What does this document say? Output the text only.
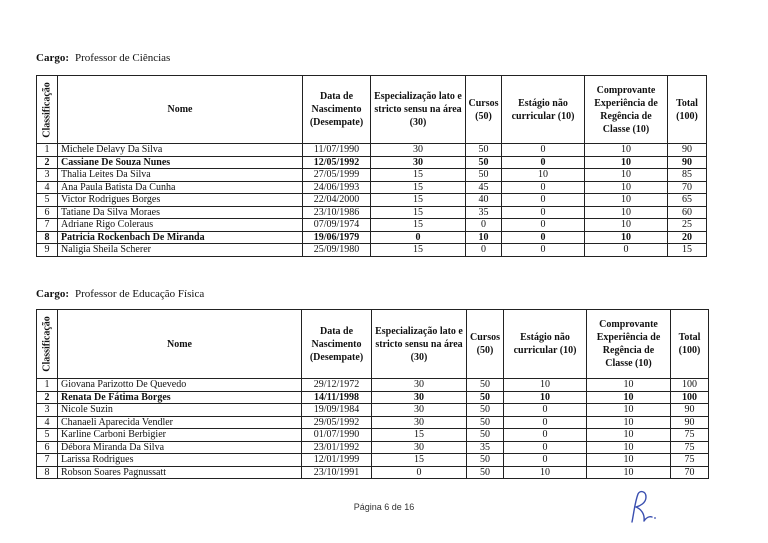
Cargo: Professor de Ciências
Classificação	Nome	Data de Nascimento (Desempate)	Especialização lato e stricto sensu na área (30)	Cursos (50)	Estágio não curricular (10)	Comprovante Experiência de Regência de Classe (10)	Total (100)
1	Michele Delavy Da Silva	11/07/1990	30	50	0	10	90
2	Cassiane De Souza Nunes	12/05/1992	30	50	0	10	90
3	Thalia Leites Da Silva	27/05/1999	15	50	10	10	85
4	Ana Paula Batista Da Cunha	24/06/1993	15	45	0	10	70
5	Victor Rodrigues Borges	22/04/2000	15	40	0	10	65
6	Tatiane Da Silva Moraes	23/10/1986	15	35	0	10	60
7	Adriane Rigo Coleraus	07/09/1974	15	0	0	10	25
8	Patricia Rockenbach De Miranda	19/06/1979	0	10	0	10	20
9	Naligia Sheila Scherer	25/09/1980	15	0	0	0	15
Cargo: Professor de Educação Física
Classificação	Nome	Data de Nascimento (Desempate)	Especialização lato e stricto sensu na área (30)	Cursos (50)	Estágio não curricular (10)	Comprovante Experiência de Regência de Classe (10)	Total (100)
1	Giovana Parizotto De Quevedo	29/12/1972	30	50	10	10	100
2	Renata De Fátima Borges	14/11/1998	30	50	10	10	100
3	Nicole Suzin	19/09/1984	30	50	0	10	90
4	Chanaeli Aparecida Vendler	29/05/1992	30	50	0	10	90
5	Karline Carboni Berbigier	01/07/1990	15	50	0	10	75
6	Débora Miranda Da Silva	23/01/1992	30	35	0	10	75
7	Larissa Rodrigues	12/01/1999	15	50	0	10	75
8	Robson Soares Pagnussatt	23/10/1991	0	50	10	10	70
Página 6 de 16
